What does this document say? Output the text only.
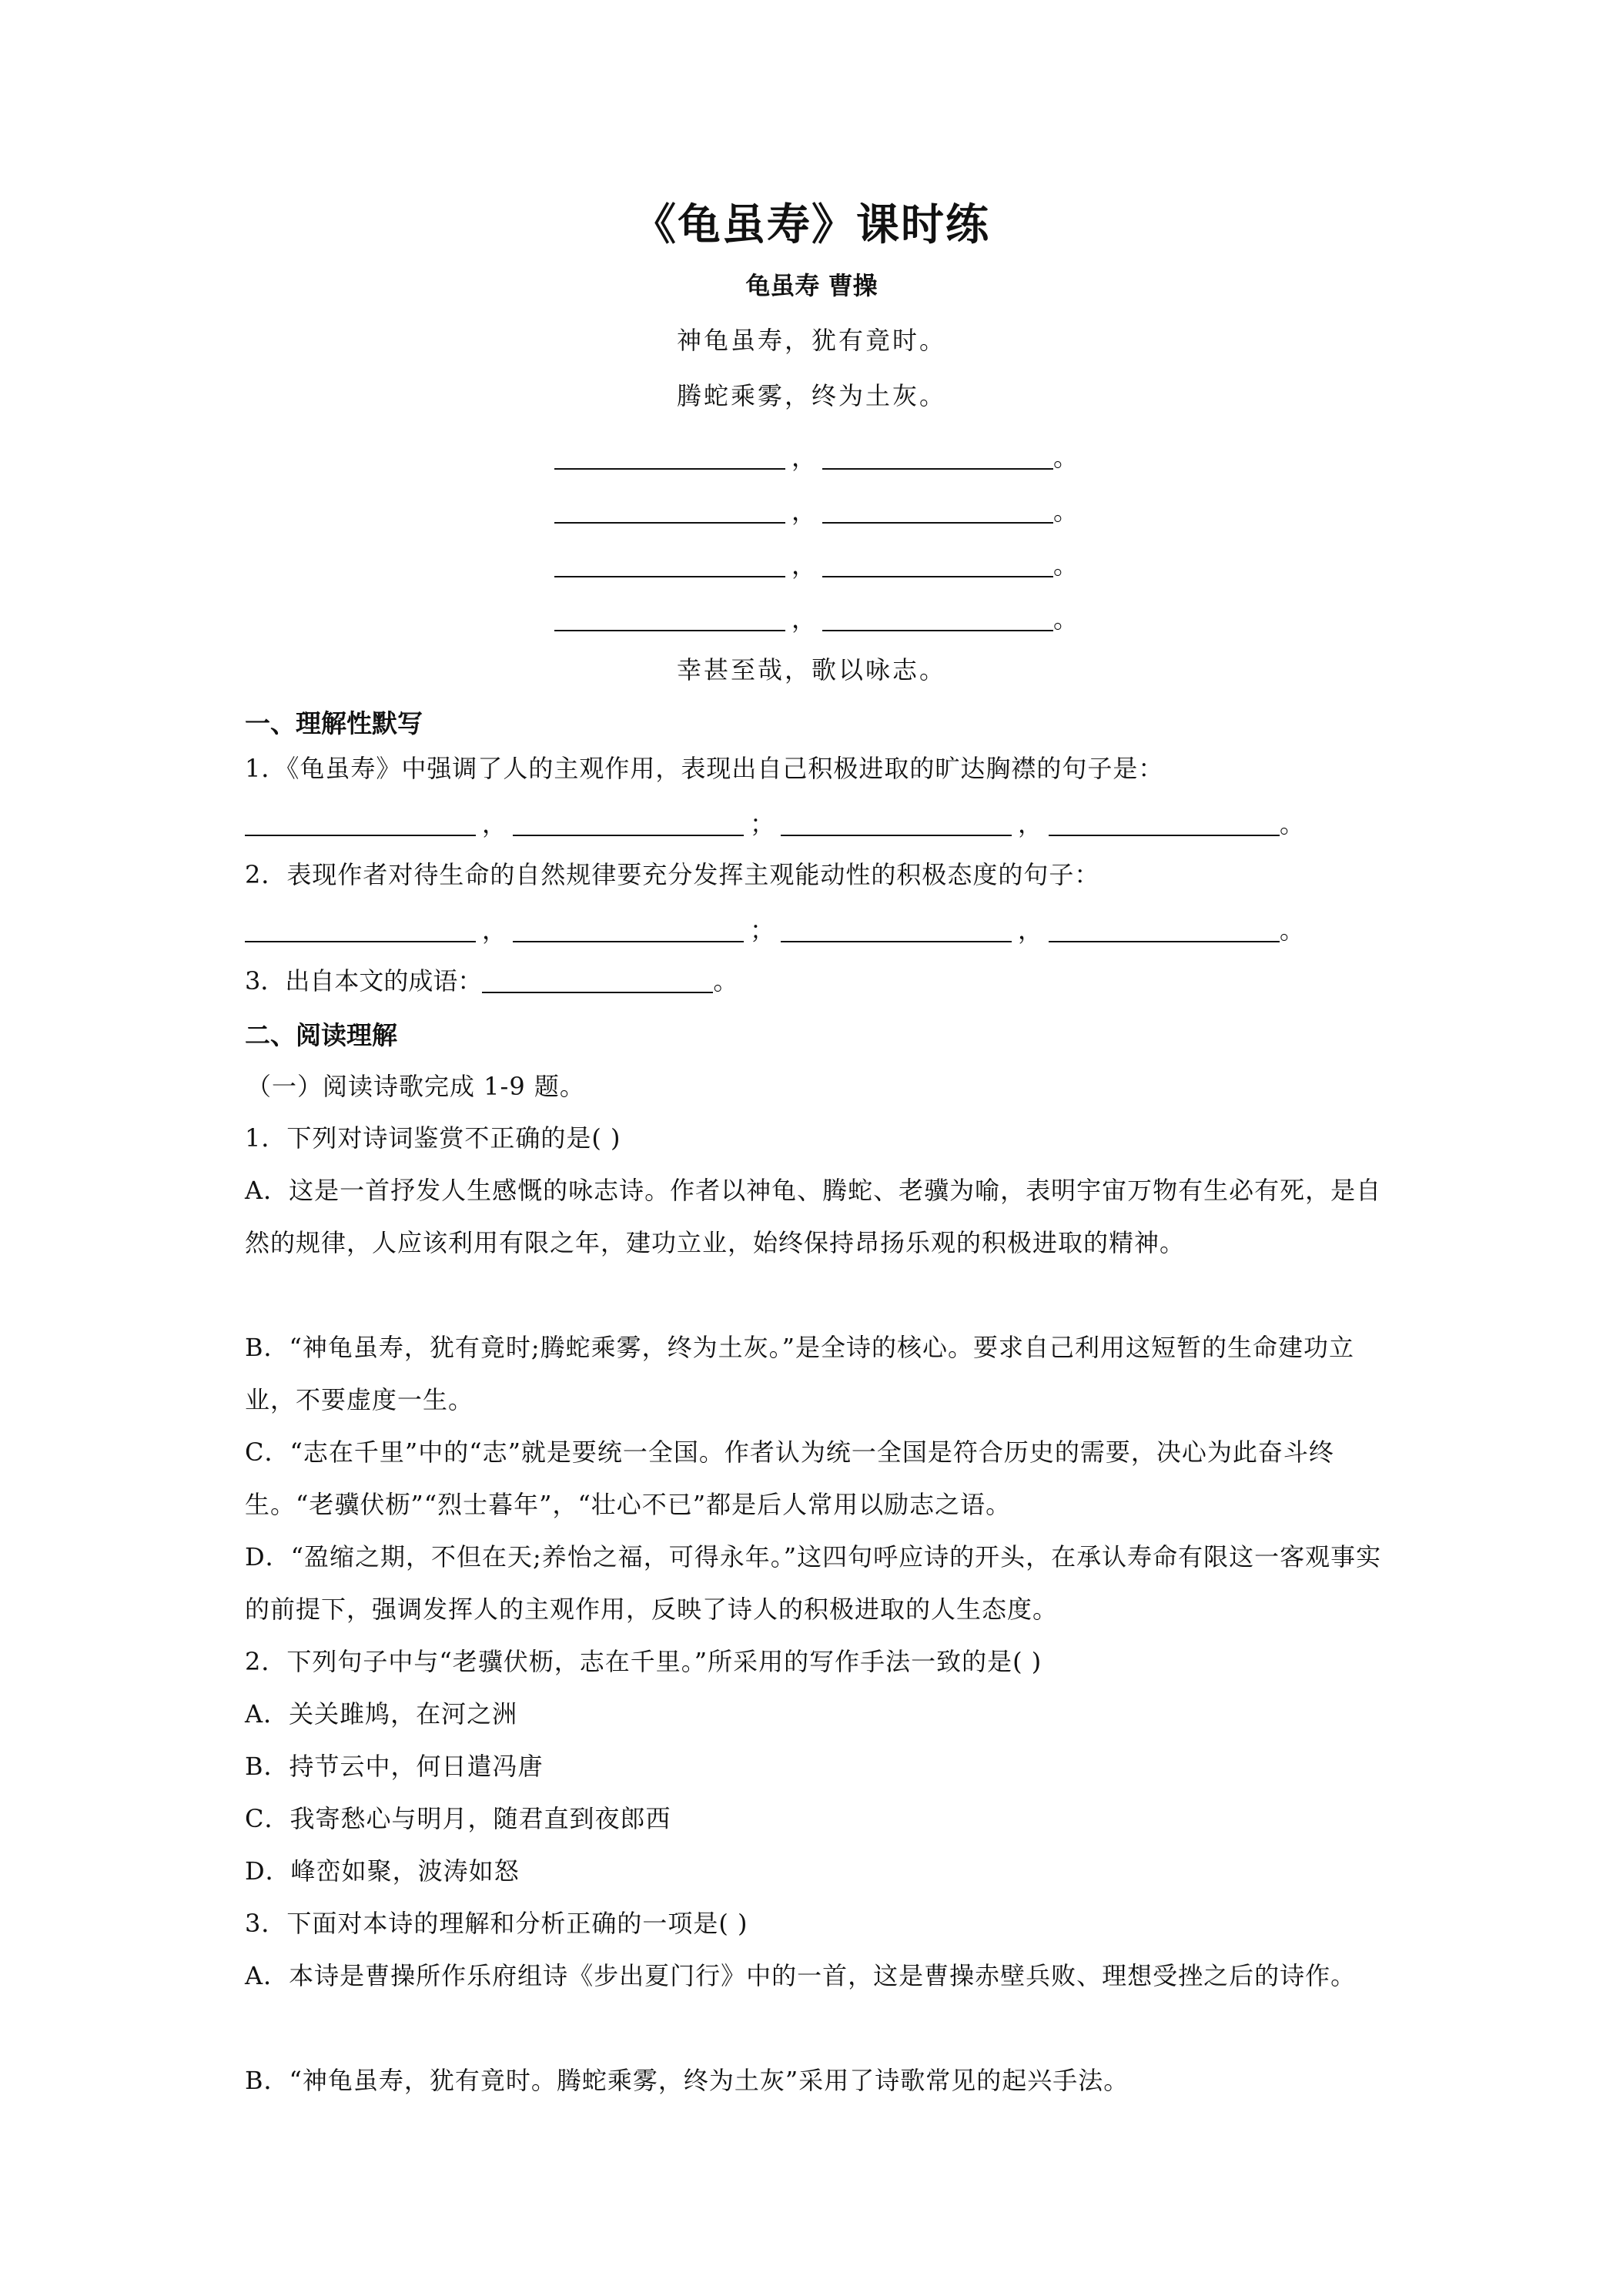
《龟虽寿》课时练
龟虽寿 曹操
神龟虽寿，犹有竟时。
腾蛇乘雾，终为土灰。
，	。
，	。
，	。
，	。
幸甚至哉，歌以咏志。
一、理解性默写
1．《龟虽寿》中强调了人的主观作用，表现出自己积极进取的旷达胸襟的句子是：
，	；	，	。
2．表现作者对待生命的自然规律要充分发挥主观能动性的积极态度的句子：
，	；	，	。
3．出自本文的成语：	。
二、阅读理解
（一）阅读诗歌完成 1-9 题。
1．下列对诗词鉴赏不正确的是( )
A．这是一首抒发人生感慨的咏志诗。作者以神龟、腾蛇、老骥为喻，表明宇宙万物有生必有死，是自然的规律，人应该利用有限之年，建功立业，始终保持昂扬乐观的积极进取的精神。
B．“神龟虽寿，犹有竟时;腾蛇乘雾，终为土灰。”是全诗的核心。要求自己利用这短暂的生命建功立业，不要虚度一生。
C．“志在千里”中的“志”就是要统一全国。作者认为统一全国是符合历史的需要，决心为此奋斗终生。“老骥伏枥”“烈士暮年”，“壮心不已”都是后人常用以励志之语。
D．“盈缩之期，不但在天;养怡之福，可得永年。”这四句呼应诗的开头，在承认寿命有限这一客观事实的前提下，强调发挥人的主观作用，反映了诗人的积极进取的人生态度。
2．下列句子中与“老骥伏枥，志在千里。”所采用的写作手法一致的是( )
A．关关雎鸠，在河之洲
B．持节云中，何日遣冯唐
C．我寄愁心与明月，随君直到夜郎西
D．峰峦如聚，波涛如怒
3．下面对本诗的理解和分析正确的一项是( )
A．本诗是曹操所作乐府组诗《步出夏门行》中的一首，这是曹操赤壁兵败、理想受挫之后的诗作。
B．“神龟虽寿，犹有竟时。腾蛇乘雾，终为土灰”采用了诗歌常见的起兴手法。
